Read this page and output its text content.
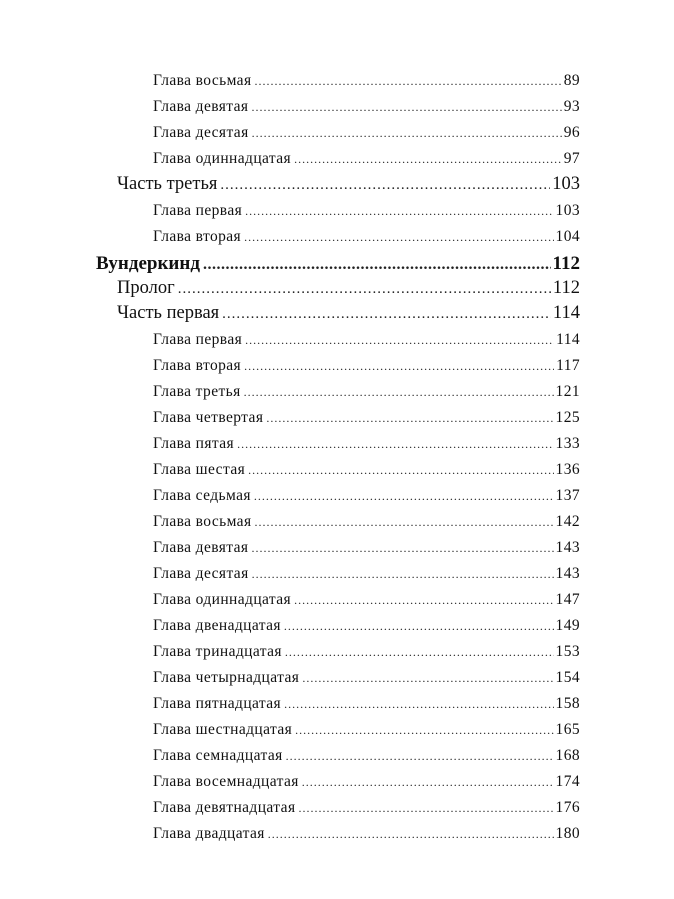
Глава восьмая .....	89
Глава девятая .....	93
Глава десятая .....	96
Глава одиннадцатая .....	97
Часть третья .....	103
Глава первая .....	103
Глава вторая .....	104
Вундеркинд .....	112
Пролог .....	112
Часть первая .....	114
Глава первая .....	114
Глава вторая .....	117
Глава третья .....	121
Глава четвертая .....	125
Глава пятая .....	133
Глава шестая .....	136
Глава седьмая .....	137
Глава восьмая .....	142
Глава девятая .....	143
Глава десятая .....	143
Глава одиннадцатая .....	147
Глава двенадцатая .....	149
Глава тринадцатая .....	153
Глава четырнадцатая .....	154
Глава пятнадцатая .....	158
Глава шестнадцатая .....	165
Глава семнадцатая .....	168
Глава восемнадцатая .....	174
Глава девятнадцатая .....	176
Глава двадцатая .....	180
